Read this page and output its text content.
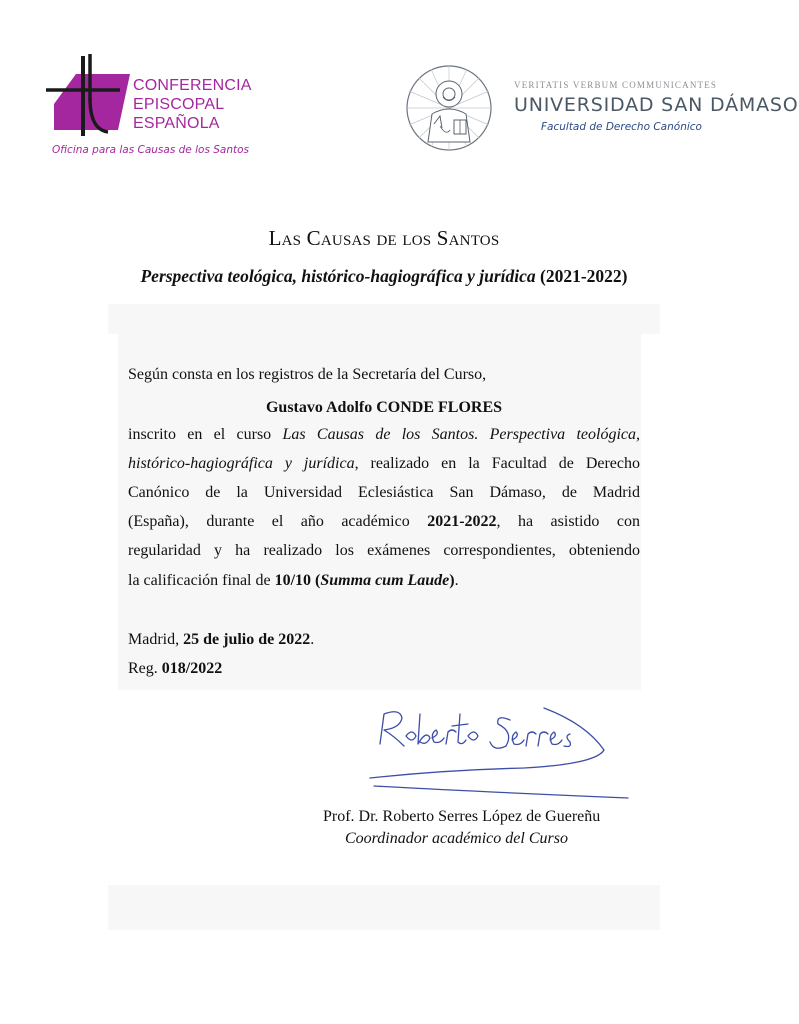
CONFERENCIA
EPISCOPAL
ESPAÑOLA
Oficina para las Causas de los Santos
VERITATIS VERBUM COMMUNICANTES
UNIVERSIDAD SAN DÁMASO
Facultad de Derecho Canónico
Las Causas de los Santos
Perspectiva teológica, histórico-hagiográfica y jurídica (2021-2022)
Según consta en los registros de la Secretaría del Curso,
Gustavo Adolfo CONDE FLORES
inscrito en el curso Las Causas de los Santos. Perspectiva teológica,
histórico-hagiográfica y jurídica, realizado en la Facultad de Derecho
Canónico de la Universidad Eclesiástica San Dámaso, de Madrid
(España), durante el año académico 2021-2022, ha asistido con
regularidad y ha realizado los exámenes correspondientes, obteniendo
la calificación final de 10/10 (Summa cum Laude).
Madrid, 25 de julio de 2022.
Reg. 018/2022
Prof. Dr. Roberto Serres López de Guereñu
Coordinador académico del Curso
